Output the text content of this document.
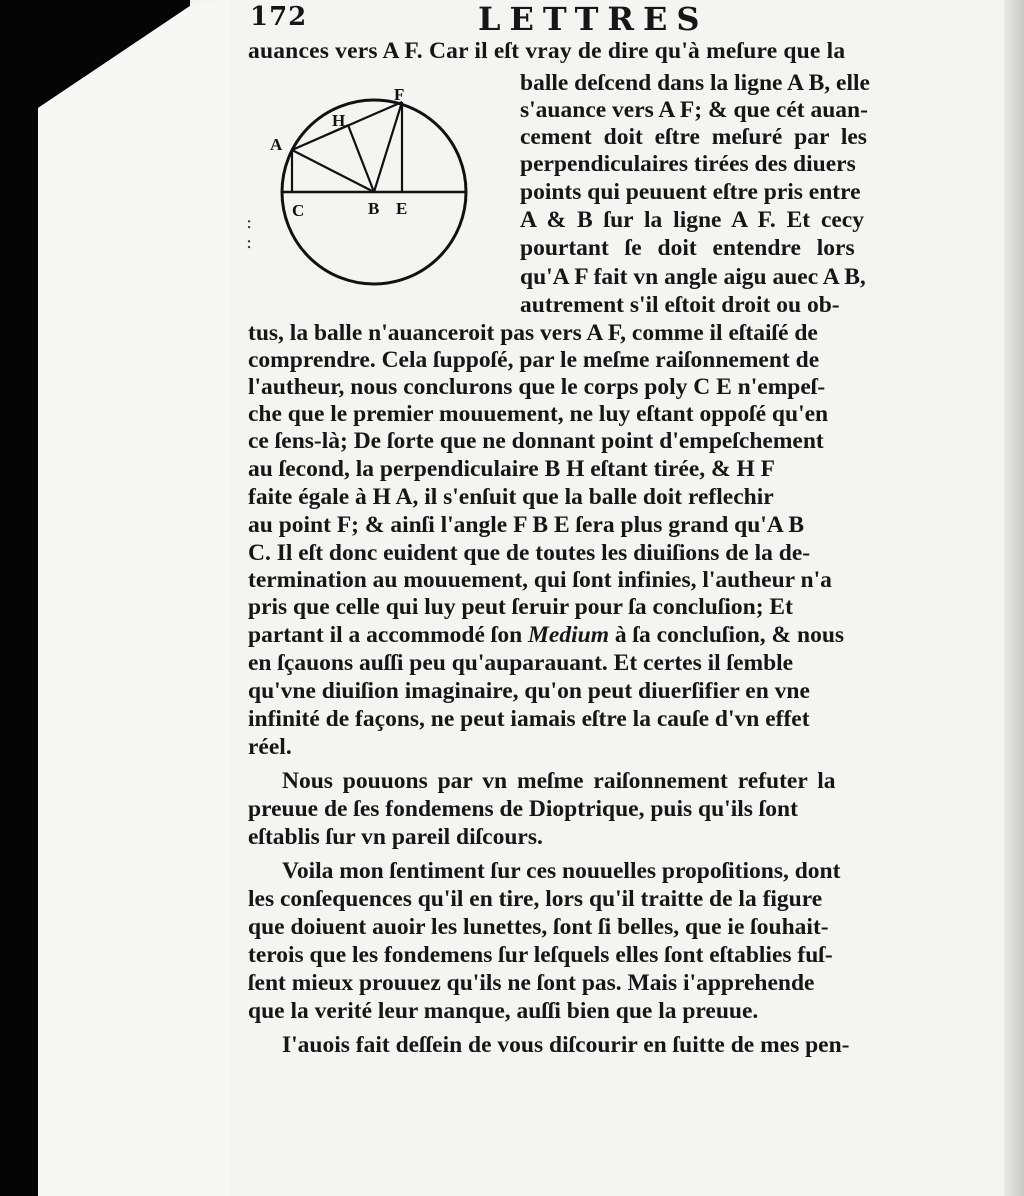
172	LETTRES
A
H
F
C	B E
:
:
auances vers A F. Car il eſt vray de dire qu'à meſure que la
balle deſcend dans la ligne A B, elle
s'auance vers A F; & que cét auan-
cement doit eſtre meſuré par les
perpendiculaires tirées des diuers
points qui peuuent eſtre pris entre
A & B ſur la ligne A F. Et cecy
pourtant ſe doit entendre lors
qu'A F fait vn angle aigu auec A B,
autrement s'il eſtoit droit ou ob-
tus, la balle n'auanceroit pas vers A F, comme il eſtaiſé de
comprendre. Cela ſuppoſé, par le meſme raiſonnement de
l'autheur, nous conclurons que le corps poly C E n'empeſ-
che que le premier mouuement, ne luy eſtant oppoſé qu'en
ce ſens-là; De ſorte que ne donnant point d'empeſchement
au ſecond, la perpendiculaire B H eſtant tirée, & H F
faite égale à H A, il s'enſuit que la balle doit reflechir
au point F; & ainſi l'angle F B E ſera plus grand qu'A B
C. Il eſt donc euident que de toutes les diuiſions de la de-
termination au mouuement, qui ſont infinies, l'autheur n'a
pris que celle qui luy peut ſeruir pour ſa concluſion; Et
partant il a accommodé ſon Medium à ſa concluſion, & nous
en ſçauons auſſi peu qu'auparauant. Et certes il ſemble
qu'vne diuiſion imaginaire, qu'on peut diuerſifier en vne
infinité de façons, ne peut iamais eſtre la cauſe d'vn effet
réel.
Nous pouuons par vn meſme raiſonnement refuter la
preuue de ſes fondemens de Dioptrique, puis qu'ils ſont
eſtablis ſur vn pareil diſcours.
Voila mon ſentiment ſur ces nouuelles propoſitions, dont
les conſequences qu'il en tire, lors qu'il traitte de la figure
que doiuent auoir les lunettes, ſont ſi belles, que ie ſouhait-
terois que les fondemens ſur leſquels elles ſont eſtablies fuſ-
ſent mieux prouuez qu'ils ne ſont pas. Mais i'apprehende
que la verité leur manque, auſſi bien que la preuue.
I'auois fait deſſein de vous diſcourir en ſuitte de mes pen-
